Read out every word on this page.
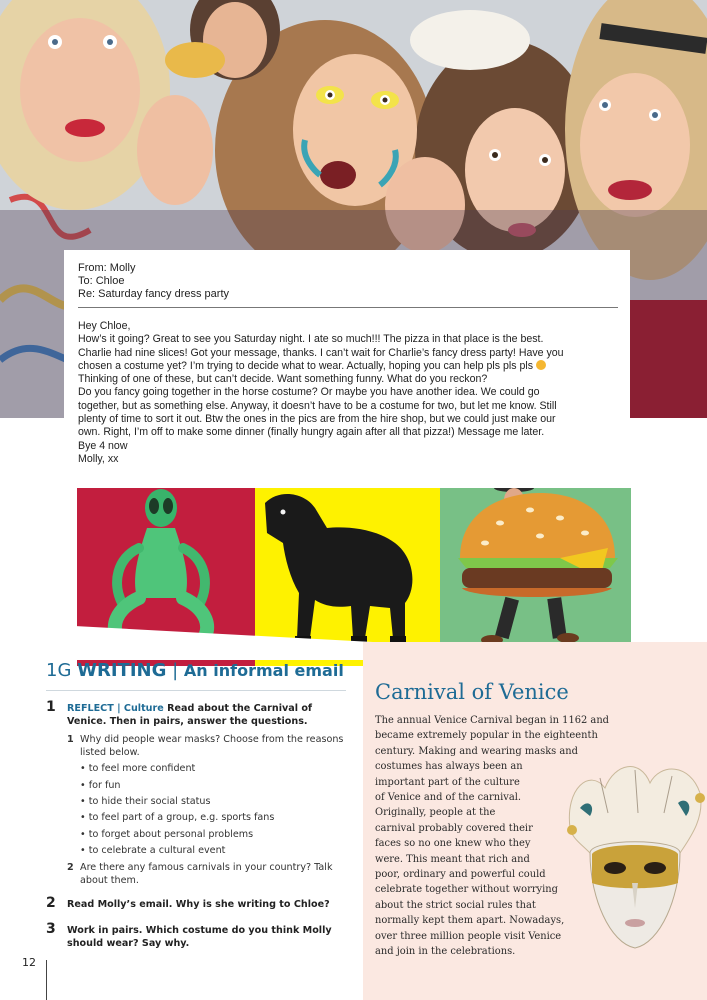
From: Molly
To: Chloe
Re: Saturday fancy dress party

Hey Chloe,

How’s it going? Great to see you Saturday night. I ate so much!!! The pizza in that place is the best.

Charlie had nine slices! Got your message, thanks. I can’t wait for Charlie’s fancy dress party! Have you

chosen a costume yet? I’m trying to decide what to wear. Actually, hoping you can help pls pls pls

Thinking of one of these, but can’t decide. Want something funny. What do you reckon?

Do you fancy going together in the horse costume? Or maybe you have another idea. We could go

together, but as something else. Anyway, it doesn’t have to be a costume for two, but let me know. Still

plenty of time to sort it out. Btw the ones in the pics are from the hire shop, but we could just make our

own. Right, I’m off to make some dinner (finally hungry again after all that pizza!) Message me later.

Bye 4 now

Molly, xx

1G WRITING | An informal email
1 REFLECT | Culture Read about the Carnival of Venice. Then in pairs, answer the questions.
1 Why did people wear masks? Choose from the reasons listed below.
• to feel more confident
• for fun
• to hide their social status
• to feel part of a group, e.g. sports fans
• to forget about personal problems
• to celebrate a cultural event
2 Are there any famous carnivals in your country? Talk about them.
2 Read Molly’s email. Why is she writing to Chloe?
3 Work in pairs. Which costume do you think Molly should wear? Say why.
Carnival of Venice
The annual Venice Carnival began in 1162 and
became extremely popular in the eighteenth
century. Making and wearing masks and
costumes has always been an
important part of the culture
of Venice and of the carnival.
Originally, people at the
carnival probably covered their
faces so no one knew who they
were. This meant that rich and
poor, ordinary and powerful could
celebrate together without worrying
about the strict social rules that
normally kept them apart. Nowadays,
over three million people visit Venice
and join in the celebrations.
12
